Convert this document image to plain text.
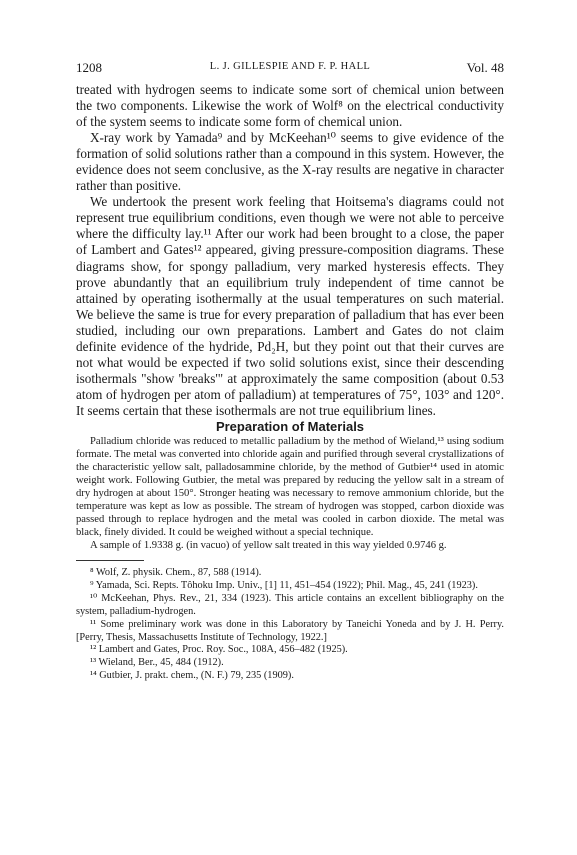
1208	L. J. GILLESPIE AND F. P. HALL	Vol. 48

treated with hydrogen seems to indicate some sort of chemical union between the two components. Likewise the work of Wolf⁸ on the electrical conductivity of the system seems to indicate some form of chemical union.

X-ray work by Yamada⁹ and by McKeehan¹⁰ seems to give evidence of the formation of solid solutions rather than a compound in this system. However, the evidence does not seem conclusive, as the X-ray results are negative in character rather than positive.

We undertook the present work feeling that Hoitsema's diagrams could not represent true equilibrium conditions, even though we were not able to perceive where the difficulty lay.¹¹ After our work had been brought to a close, the paper of Lambert and Gates¹² appeared, giving pressure-composition diagrams. These diagrams show, for spongy palladium, very marked hysteresis effects. They prove abundantly that an equilibrium truly independent of time cannot be attained by operating isothermally at the usual temperatures on such material. We believe the same is true for every preparation of palladium that has ever been studied, including our own preparations. Lambert and Gates do not claim definite evidence of the hydride, Pd₂H, but they point out that their curves are not what would be expected if two solid solutions exist, since their descending isothermals "show 'breaks'" at approximately the same composition (about 0.53 atom of hydrogen per atom of palladium) at temperatures of 75°, 103° and 120°. It seems certain that these isothermals are not true equilibrium lines.

Preparation of Materials

Palladium chloride was reduced to metallic palladium by the method of Wieland,¹³ using sodium formate. The metal was converted into chloride again and purified through several crystallizations of the characteristic yellow salt, palladosammine chloride, by the method of Gutbier¹⁴ used in atomic weight work. Following Gutbier, the metal was prepared by reducing the yellow salt in a stream of dry hydrogen at about 150°. Stronger heating was necessary to remove ammonium chloride, but the temperature was kept as low as possible. The stream of hydrogen was stopped, carbon dioxide was passed through to replace hydrogen and the metal was cooled in carbon dioxide. The metal was black, finely divided. It could be weighed without a special technique.

A sample of 1.9338 g. (in vacuo) of yellow salt treated in this way yielded 0.9746 g.

⁸ Wolf, Z. physik. Chem., 87, 588 (1914).

⁹ Yamada, Sci. Repts. Tôhoku Imp. Univ., [1] 11, 451–454 (1922); Phil. Mag., 45, 241 (1923).

¹⁰ McKeehan, Phys. Rev., 21, 334 (1923). This article contains an excellent bibliography on the system, palladium-hydrogen.

¹¹ Some preliminary work was done in this Laboratory by Taneichi Yoneda and by J. H. Perry. [Perry, Thesis, Massachusetts Institute of Technology, 1922.]

¹² Lambert and Gates, Proc. Roy. Soc., 108A, 456–482 (1925).

¹³ Wieland, Ber., 45, 484 (1912).

¹⁴ Gutbier, J. prakt. chem., (N. F.) 79, 235 (1909).
